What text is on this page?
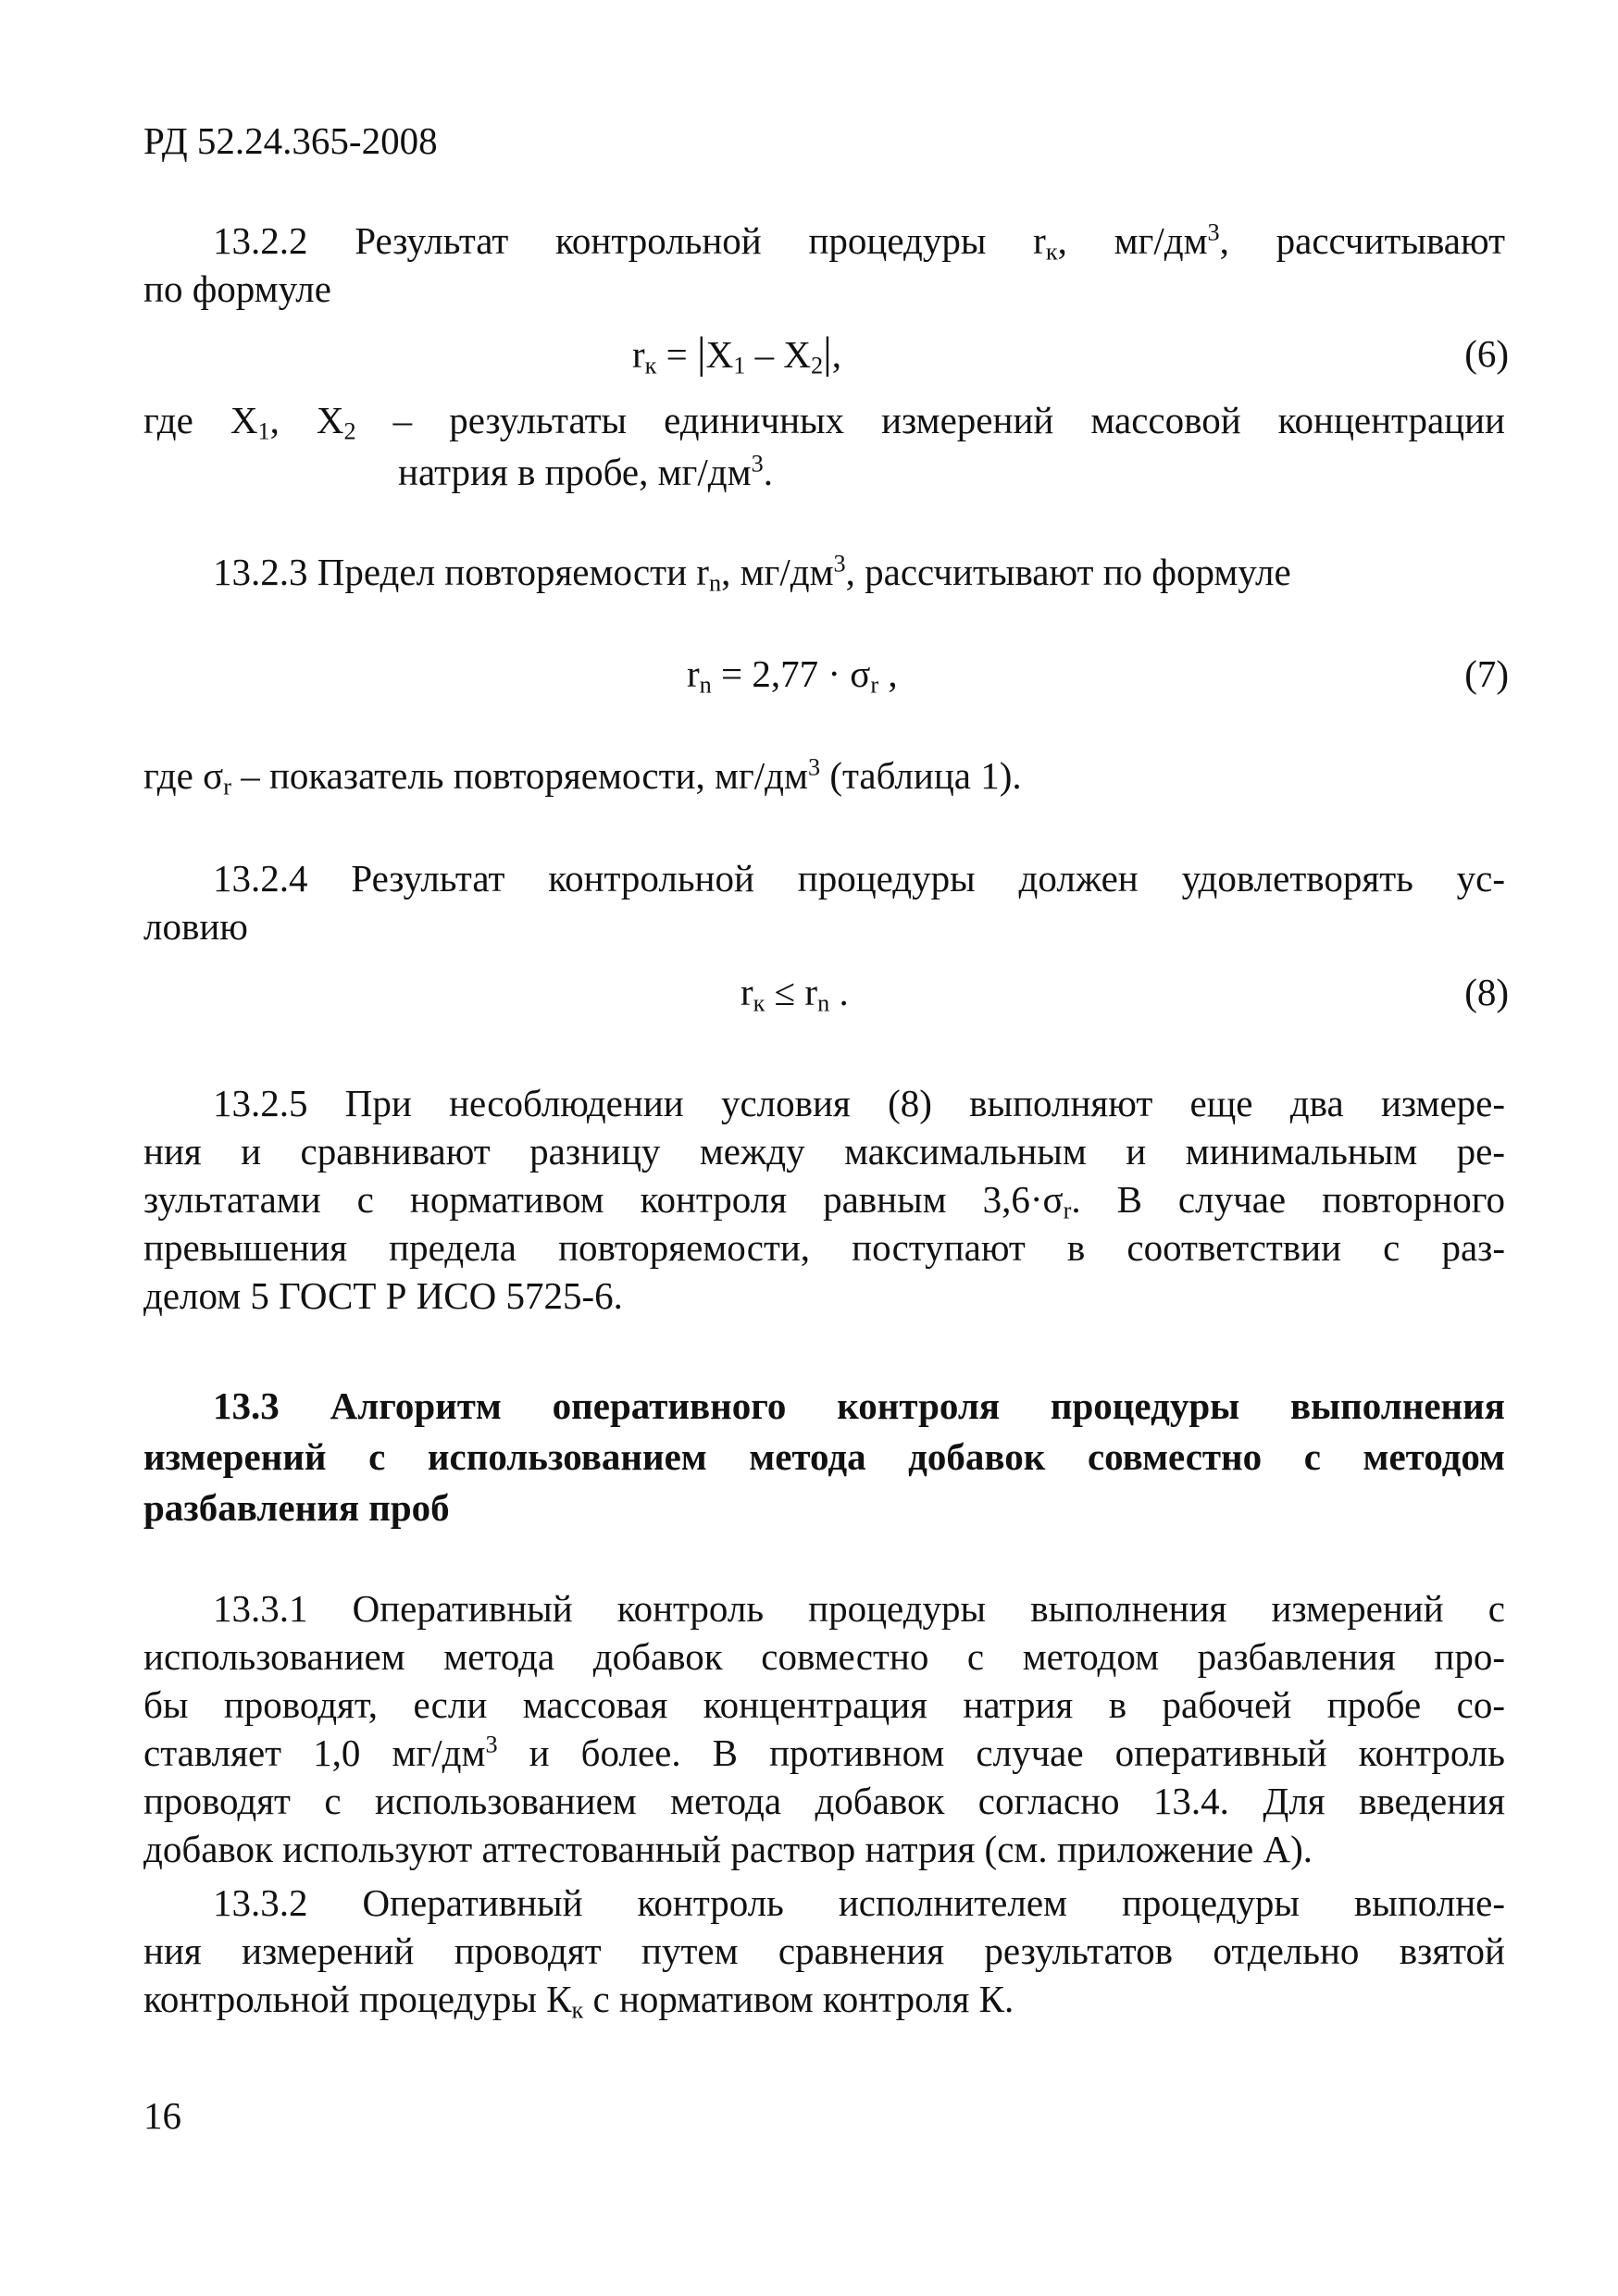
РД 52.24.365-2008
13.2.2 Результат контрольной процедуры $r_к$, $мг/дм^3$, рассчитывают
по формуле
$r_к = |X_1 - X_2|$,	(6)
где $X_1$, $X_2$ – результаты единичных измерений массовой концентрации
натрия в пробе, $мг/дм^3$.
13.2.3 Предел повторяемости $r_n$, $мг/дм^3$, рассчитывают по формуле
$r_n = 2,77 \cdot \sigma_r$ ,	(7)
где $\sigma_r$ – показатель повторяемости, $мг/дм^3$ (таблица 1).
13.2.4 Результат контрольной процедуры должен удовлетворять ус-
ловию
$r_к \le r_n$ .	(8)
13.2.5 При несоблюдении условия (8) выполняют еще два измере-
ния и сравнивают разницу между максимальным и минимальным ре-
зультатами с нормативом контроля равным $3,6\cdot\sigma_r$. В случае повторного
превышения предела повторяемости, поступают в соответствии с раз-
делом 5 ГОСТ Р ИСО 5725-6.
13.3 Алгоритм оперативного контроля процедуры выполнения
измерений с использованием метода добавок совместно с методом
разбавления проб
13.3.1 Оперативный контроль процедуры выполнения измерений с
использованием метода добавок совместно с методом разбавления про-
бы проводят, если массовая концентрация натрия в рабочей пробе со-
ставляет 1,0 $мг/дм^3$ и более. В противном случае оперативный контроль
проводят с использованием метода добавок согласно 13.4. Для введения
добавок используют аттестованный раствор натрия (см. приложение А).
13.3.2 Оперативный контроль исполнителем процедуры выполне-
ния измерений проводят путем сравнения результатов отдельно взятой
контрольной процедуры $К_к$ с нормативом контроля К.
16
